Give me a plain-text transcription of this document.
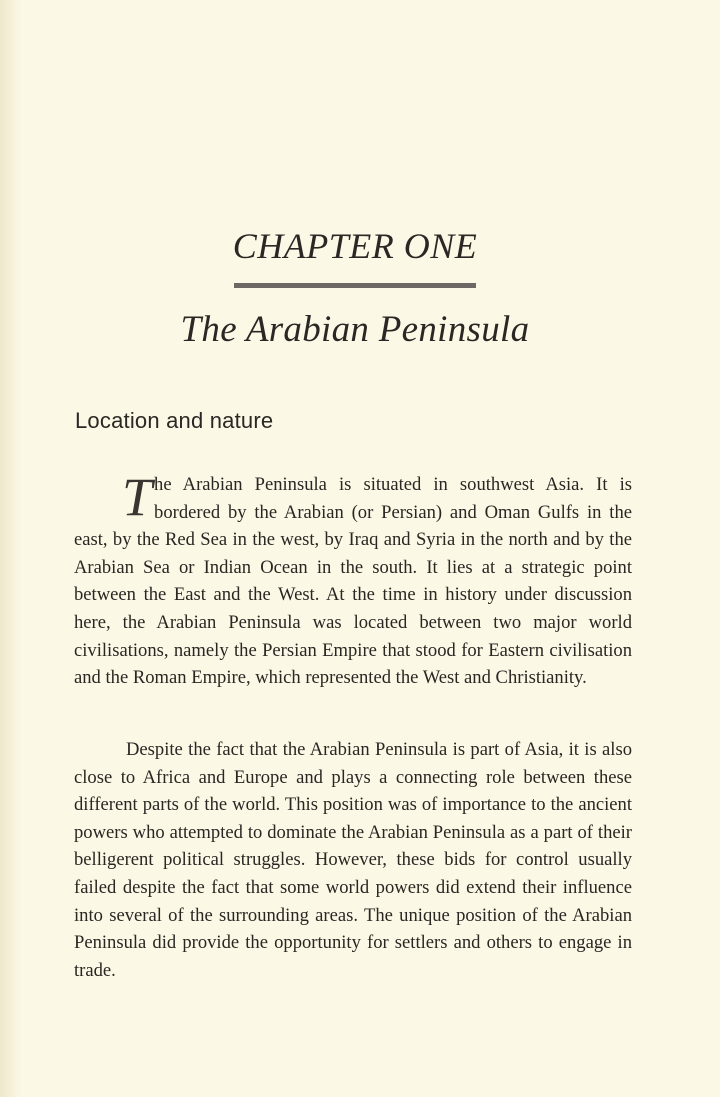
CHAPTER ONE
The Arabian Peninsula
Location and nature

The Arabian Peninsula is situated in southwest Asia. It is bordered by the Arabian (or Persian) and Oman Gulfs in the east, by the Red Sea in the west, by Iraq and Syria in the north and by the Arabian Sea or Indian Ocean in the south. It lies at a strategic point between the East and the West. At the time in history under discussion here, the Arabian Peninsula was located between two major world civilisations, namely the Persian Empire that stood for Eastern civilisation and the Roman Empire, which represented the West and Christianity.

Despite the fact that the Arabian Peninsula is part of Asia, it is also close to Africa and Europe and plays a connecting role between these different parts of the world. This position was of importance to the ancient powers who attempted to dominate the Arabian Peninsula as a part of their belligerent political struggles. However, these bids for control usually failed despite the fact that some world powers did extend their influence into several of the surrounding areas. The unique position of the Arabian Peninsula did provide the opportunity for settlers and others to engage in trade.
